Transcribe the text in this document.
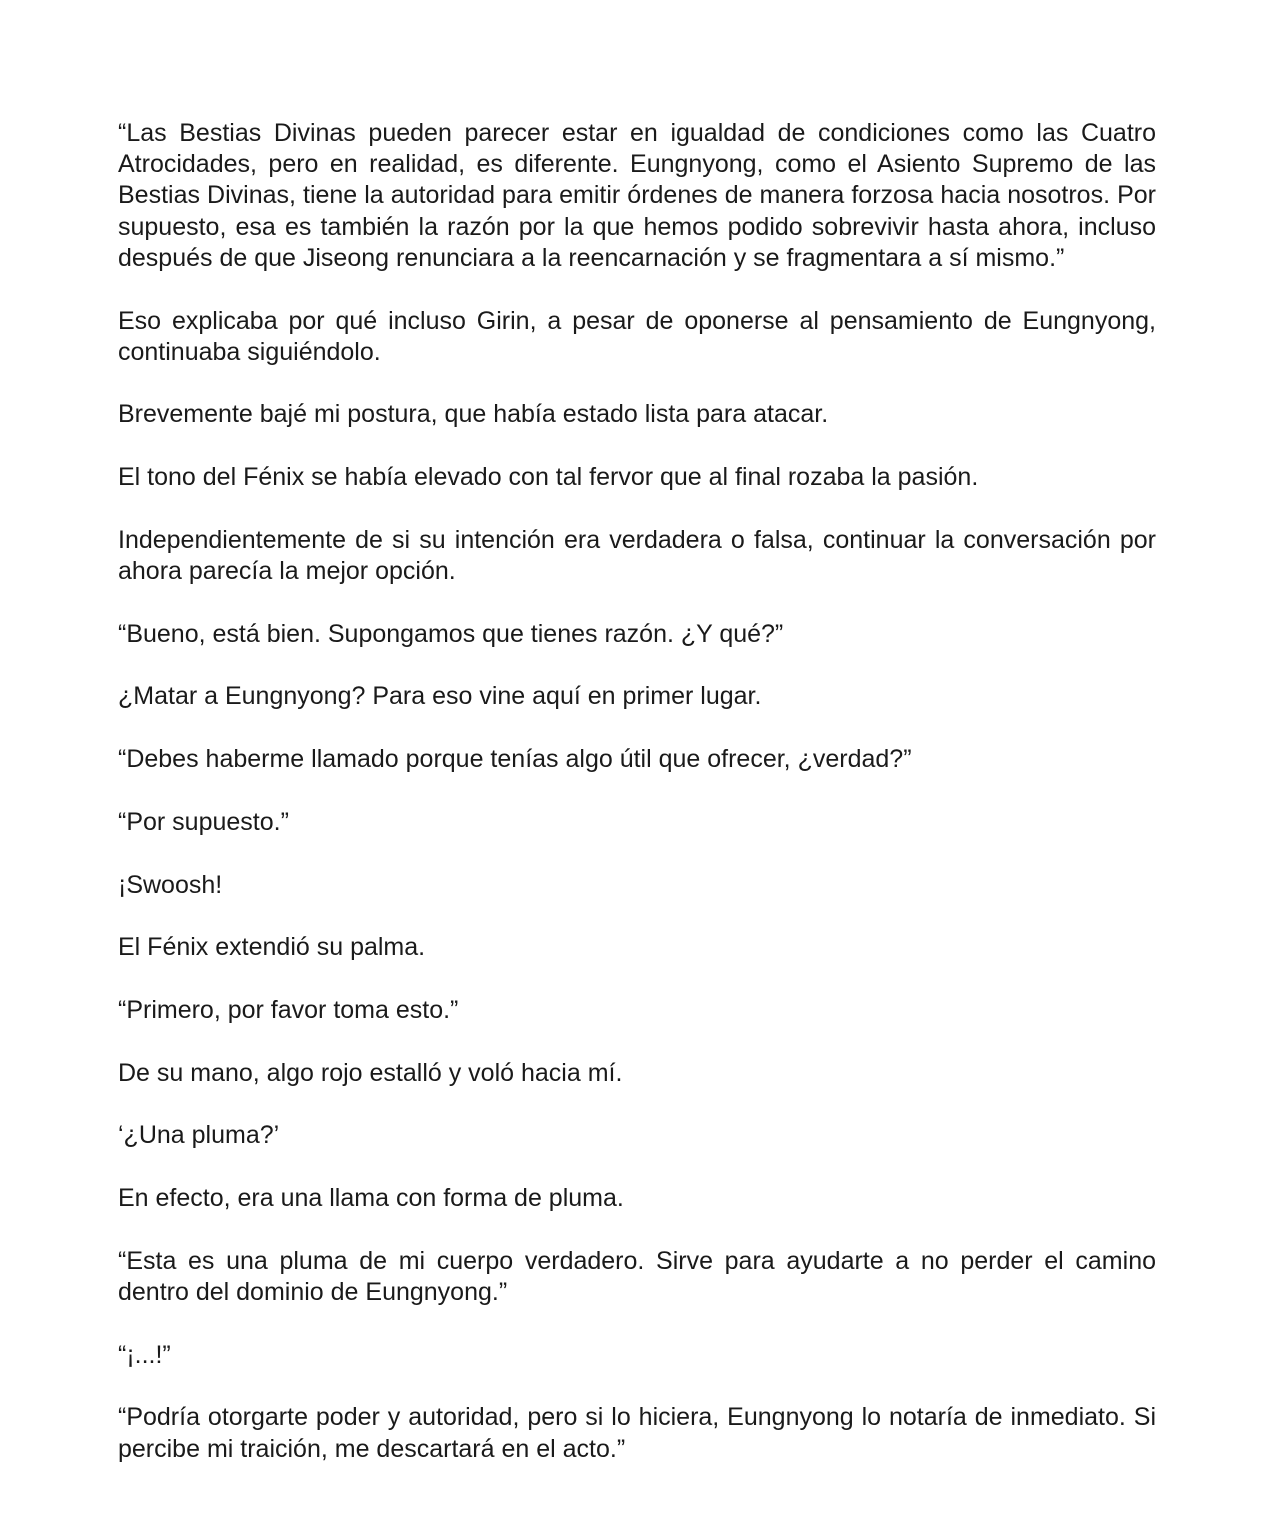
“Las Bestias Divinas pueden parecer estar en igualdad de condiciones como las Cuatro Atrocidades, pero en realidad, es diferente. Eungnyong, como el Asiento Supremo de las Bestias Divinas, tiene la autoridad para emitir órdenes de manera forzosa hacia nosotros. Por supuesto, esa es también la razón por la que hemos podido sobrevivir hasta ahora, incluso después de que Jiseong renunciara a la reencarnación y se fragmentara a sí mismo.”

Eso explicaba por qué incluso Girin, a pesar de oponerse al pensamiento de Eungnyong, continuaba siguiéndolo.

Brevemente bajé mi postura, que había estado lista para atacar.

El tono del Fénix se había elevado con tal fervor que al final rozaba la pasión.

Independientemente de si su intención era verdadera o falsa, continuar la conversación por ahora parecía la mejor opción.

“Bueno, está bien. Supongamos que tienes razón. ¿Y qué?”

¿Matar a Eungnyong? Para eso vine aquí en primer lugar.

“Debes haberme llamado porque tenías algo útil que ofrecer, ¿verdad?”

“Por supuesto.”

¡Swoosh!

El Fénix extendió su palma.

“Primero, por favor toma esto.”

De su mano, algo rojo estalló y voló hacia mí.

‘¿Una pluma?’

En efecto, era una llama con forma de pluma.

“Esta es una pluma de mi cuerpo verdadero. Sirve para ayudarte a no perder el camino dentro del dominio de Eungnyong.”

“¡...!”

“Podría otorgarte poder y autoridad, pero si lo hiciera, Eungnyong lo notaría de inmediato. Si percibe mi traición, me descartará en el acto.”
